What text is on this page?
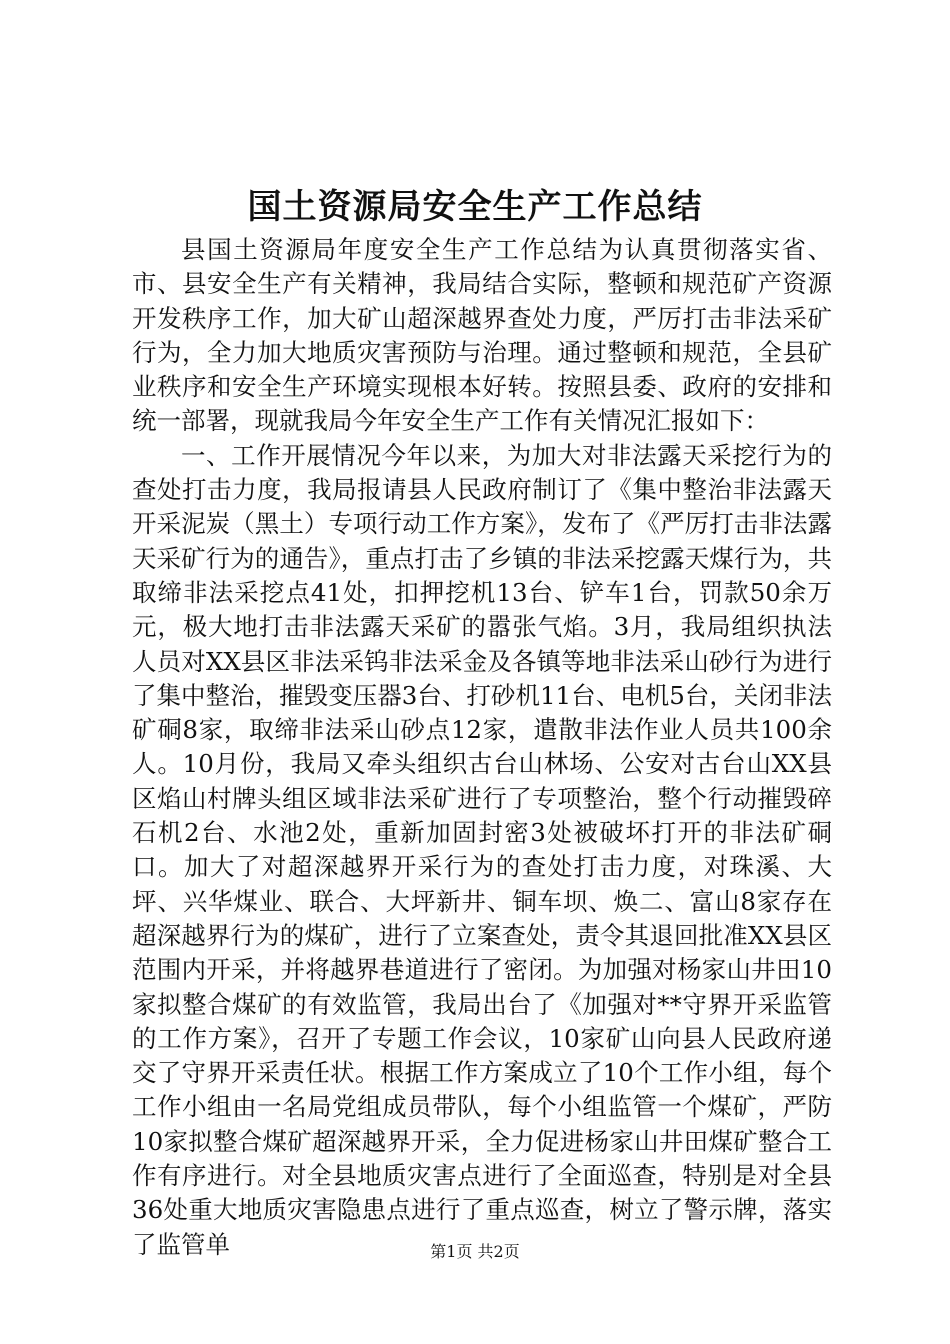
国土资源局安全生产工作总结

县国土资源局年度安全生产工作总结为认真贯彻落实省、市、县安全生产有关精神，我局结合实际，整顿和规范矿产资源开发秩序工作，加大矿山超深越界查处力度，严厉打击非法采矿行为，全力加大地质灾害预防与治理。通过整顿和规范，全县矿业秩序和安全生产环境实现根本好转。按照县委、政府的安排和统一部署，现就我局今年安全生产工作有关情况汇报如下：

一、工作开展情况今年以来，为加大对非法露天采挖行为的查处打击力度，我局报请县人民政府制订了《集中整治非法露天开采泥炭（黑土）专项行动工作方案》，发布了《严厉打击非法露天采矿行为的通告》，重点打击了乡镇的非法采挖露天煤行为，共取缔非法采挖点41处，扣押挖机13台、铲车1台，罚款50余万元，极大地打击非法露天采矿的嚣张气焰。3月，我局组织执法人员对XX县区非法采钨非法采金及各镇等地非法采山砂行为进行了集中整治，摧毁变压器3台、打砂机11台、电机5台，关闭非法矿硐8家，取缔非法采山砂点12家，遣散非法作业人员共100余人。10月份，我局又牵头组织古台山林场、公安对古台山XX县区焰山村牌头组区域非法采矿进行了专项整治，整个行动摧毁碎石机2台、水池2处，重新加固封密3处被破坏打开的非法矿硐口。加大了对超深越界开采行为的查处打击力度，对珠溪、大坪、兴华煤业、联合、大坪新井、铜车坝、焕二、富山8家存在超深越界行为的煤矿，进行了立案查处，责令其退回批准XX县区范围内开采，并将越界巷道进行了密闭。为加强对杨家山井田10家拟整合煤矿的有效监管，我局出台了《加强对**守界开采监管的工作方案》，召开了专题工作会议，10家矿山向县人民政府递交了守界开采责任状。根据工作方案成立了10个工作小组，每个工作小组由一名局党组成员带队，每个小组监管一个煤矿，严防10家拟整合煤矿超深越界开采，全力促进杨家山井田煤矿整合工作有序进行。对全县地质灾害点进行了全面巡查，特别是对全县36处重大地质灾害隐患点进行了重点巡查，树立了警示牌，落实了监管单	第1页 共2页
